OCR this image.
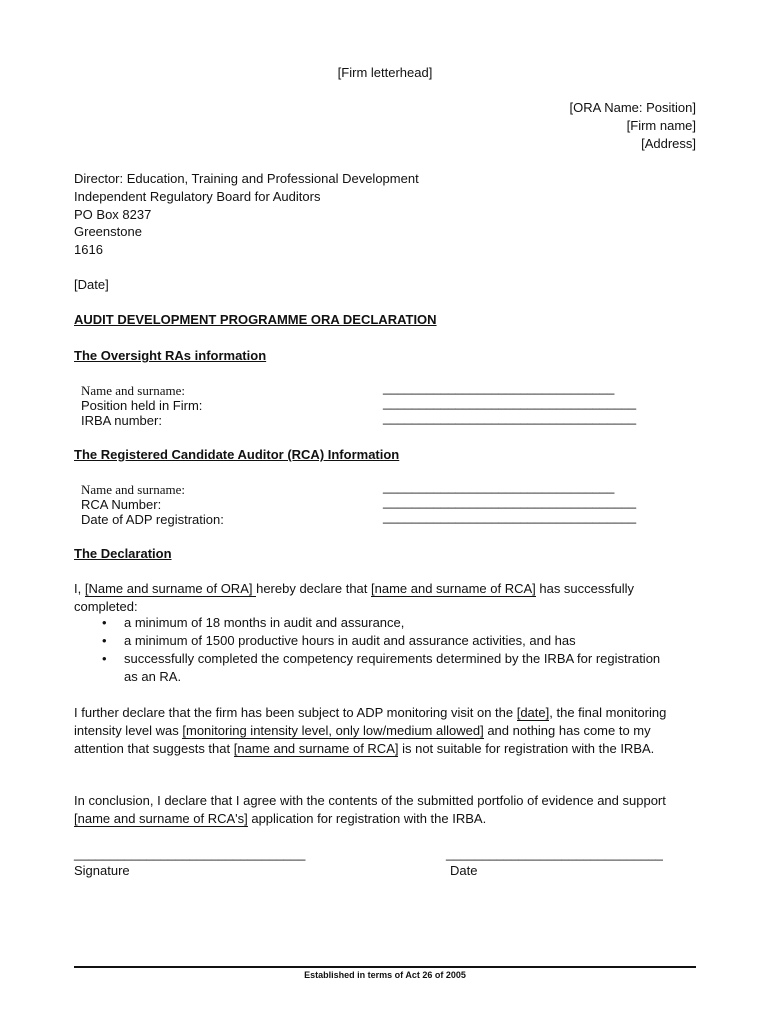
[Firm letterhead]
[ORA Name: Position]
[Firm name]
[Address]
Director: Education, Training and Professional Development
Independent Regulatory Board for Auditors
PO Box 8237
Greenstone
1616
[Date]
AUDIT DEVELOPMENT PROGRAMME ORA DECLARATION
The Oversight RAs information
Name and surname:	________________________________
Position held in Firm:	___________________________________
IRBA number:	___________________________________
The Registered Candidate Auditor (RCA) Information
Name and surname:	________________________________
RCA Number:	___________________________________
Date of ADP registration:	___________________________________
The Declaration
I, [Name and surname of ORA] hereby declare that [name and surname of RCA] has successfully completed:
• a minimum of 18 months in audit and assurance,
• a minimum of 1500 productive hours in audit and assurance activities, and has
• successfully completed the competency requirements determined by the IRBA for registration as an RA.
I further declare that the firm has been subject to ADP monitoring visit on the [date], the final monitoring intensity level was [monitoring intensity level, only low/medium allowed] and nothing has come to my attention that suggests that [name and surname of RCA] is not suitable for registration with the IRBA.
In conclusion, I declare that I agree with the contents of the submitted portfolio of evidence and support [name and surname of RCA's] application for registration with the IRBA.
________________________________
Signature
______________________________
Date
Established in terms of Act 26 of 2005
